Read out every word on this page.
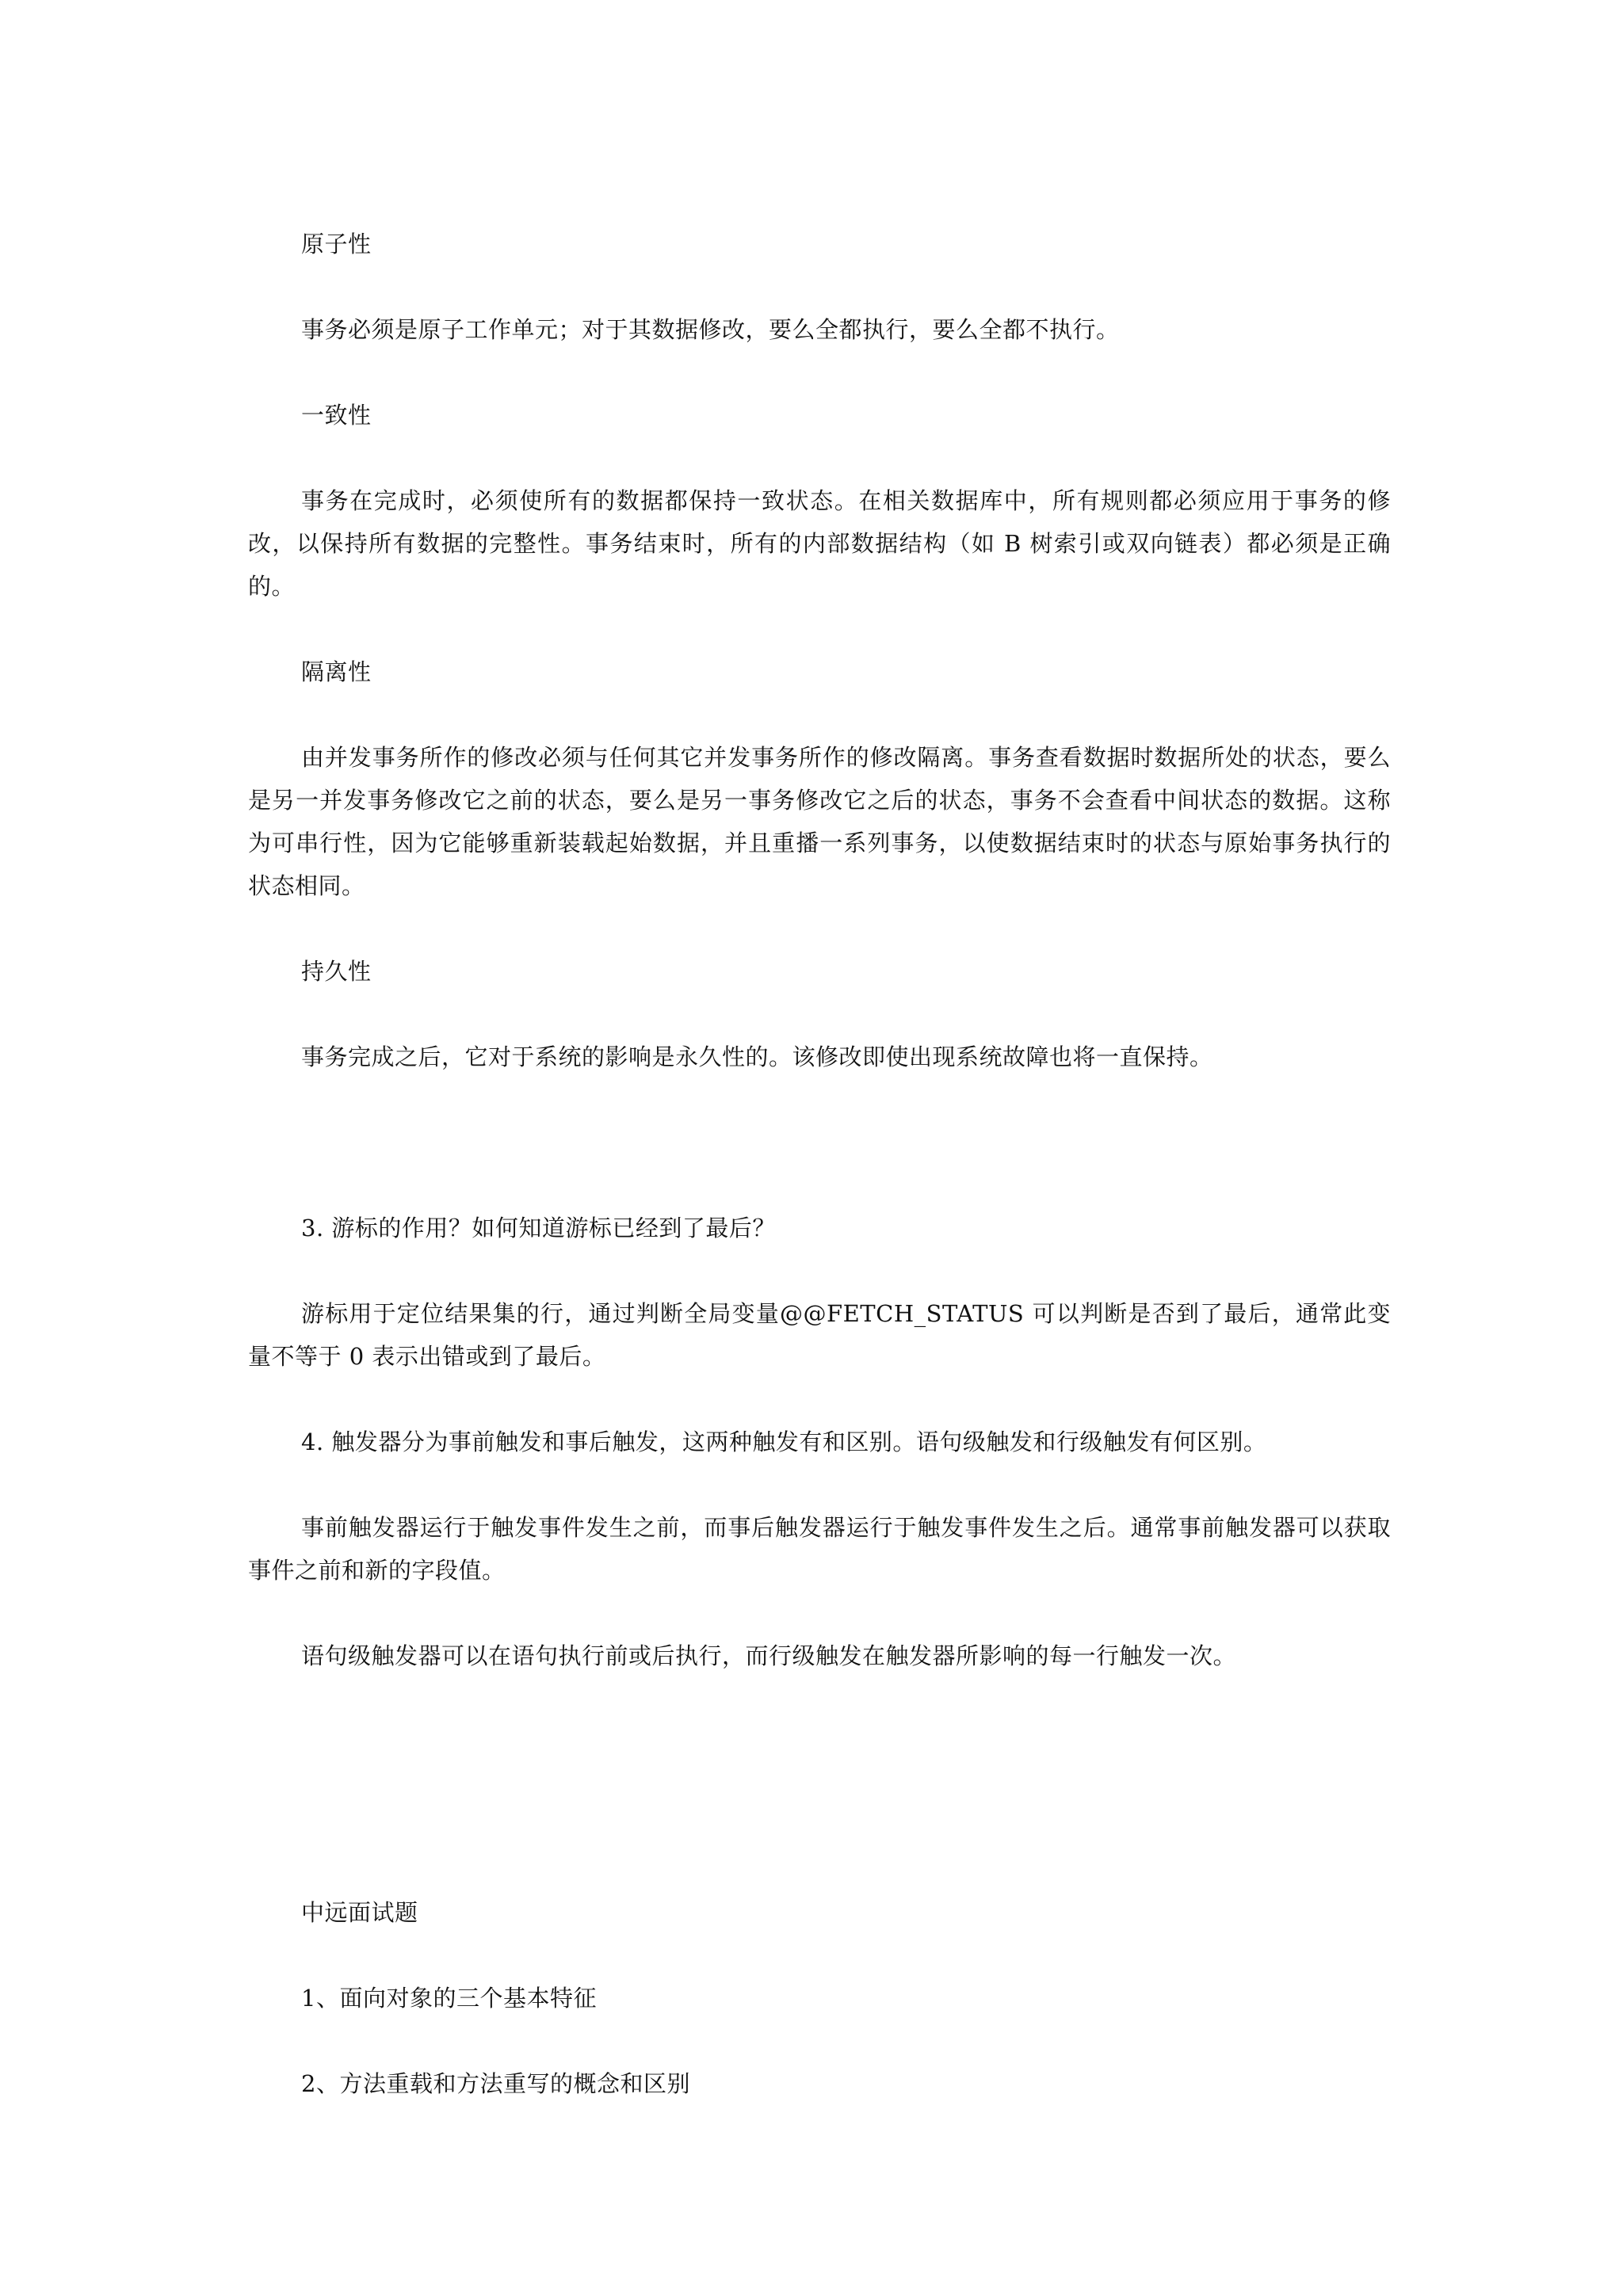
原子性

事务必须是原子工作单元；对于其数据修改，要么全都执行，要么全都不执行。

一致性

事务在完成时，必须使所有的数据都保持一致状态。在相关数据库中，所有规则都必须应用于事务的修改，以保持所有数据的完整性。事务结束时，所有的内部数据结构（如 B 树索引或双向链表）都必须是正确的。

隔离性

由并发事务所作的修改必须与任何其它并发事务所作的修改隔离。事务查看数据时数据所处的状态，要么是另一并发事务修改它之前的状态，要么是另一事务修改它之后的状态，事务不会查看中间状态的数据。这称为可串行性，因为它能够重新装载起始数据，并且重播一系列事务，以使数据结束时的状态与原始事务执行的状态相同。

持久性

事务完成之后，它对于系统的影响是永久性的。该修改即使出现系统故障也将一直保持。

3. 游标的作用？如何知道游标已经到了最后？

游标用于定位结果集的行，通过判断全局变量@@FETCH_STATUS 可以判断是否到了最后，通常此变量不等于 0 表示出错或到了最后。

4. 触发器分为事前触发和事后触发，这两种触发有和区别。语句级触发和行级触发有何区别。

事前触发器运行于触发事件发生之前，而事后触发器运行于触发事件发生之后。通常事前触发器可以获取事件之前和新的字段值。

语句级触发器可以在语句执行前或后执行，而行级触发在触发器所影响的每一行触发一次。

中远面试题

1、面向对象的三个基本特征

2、方法重载和方法重写的概念和区别
